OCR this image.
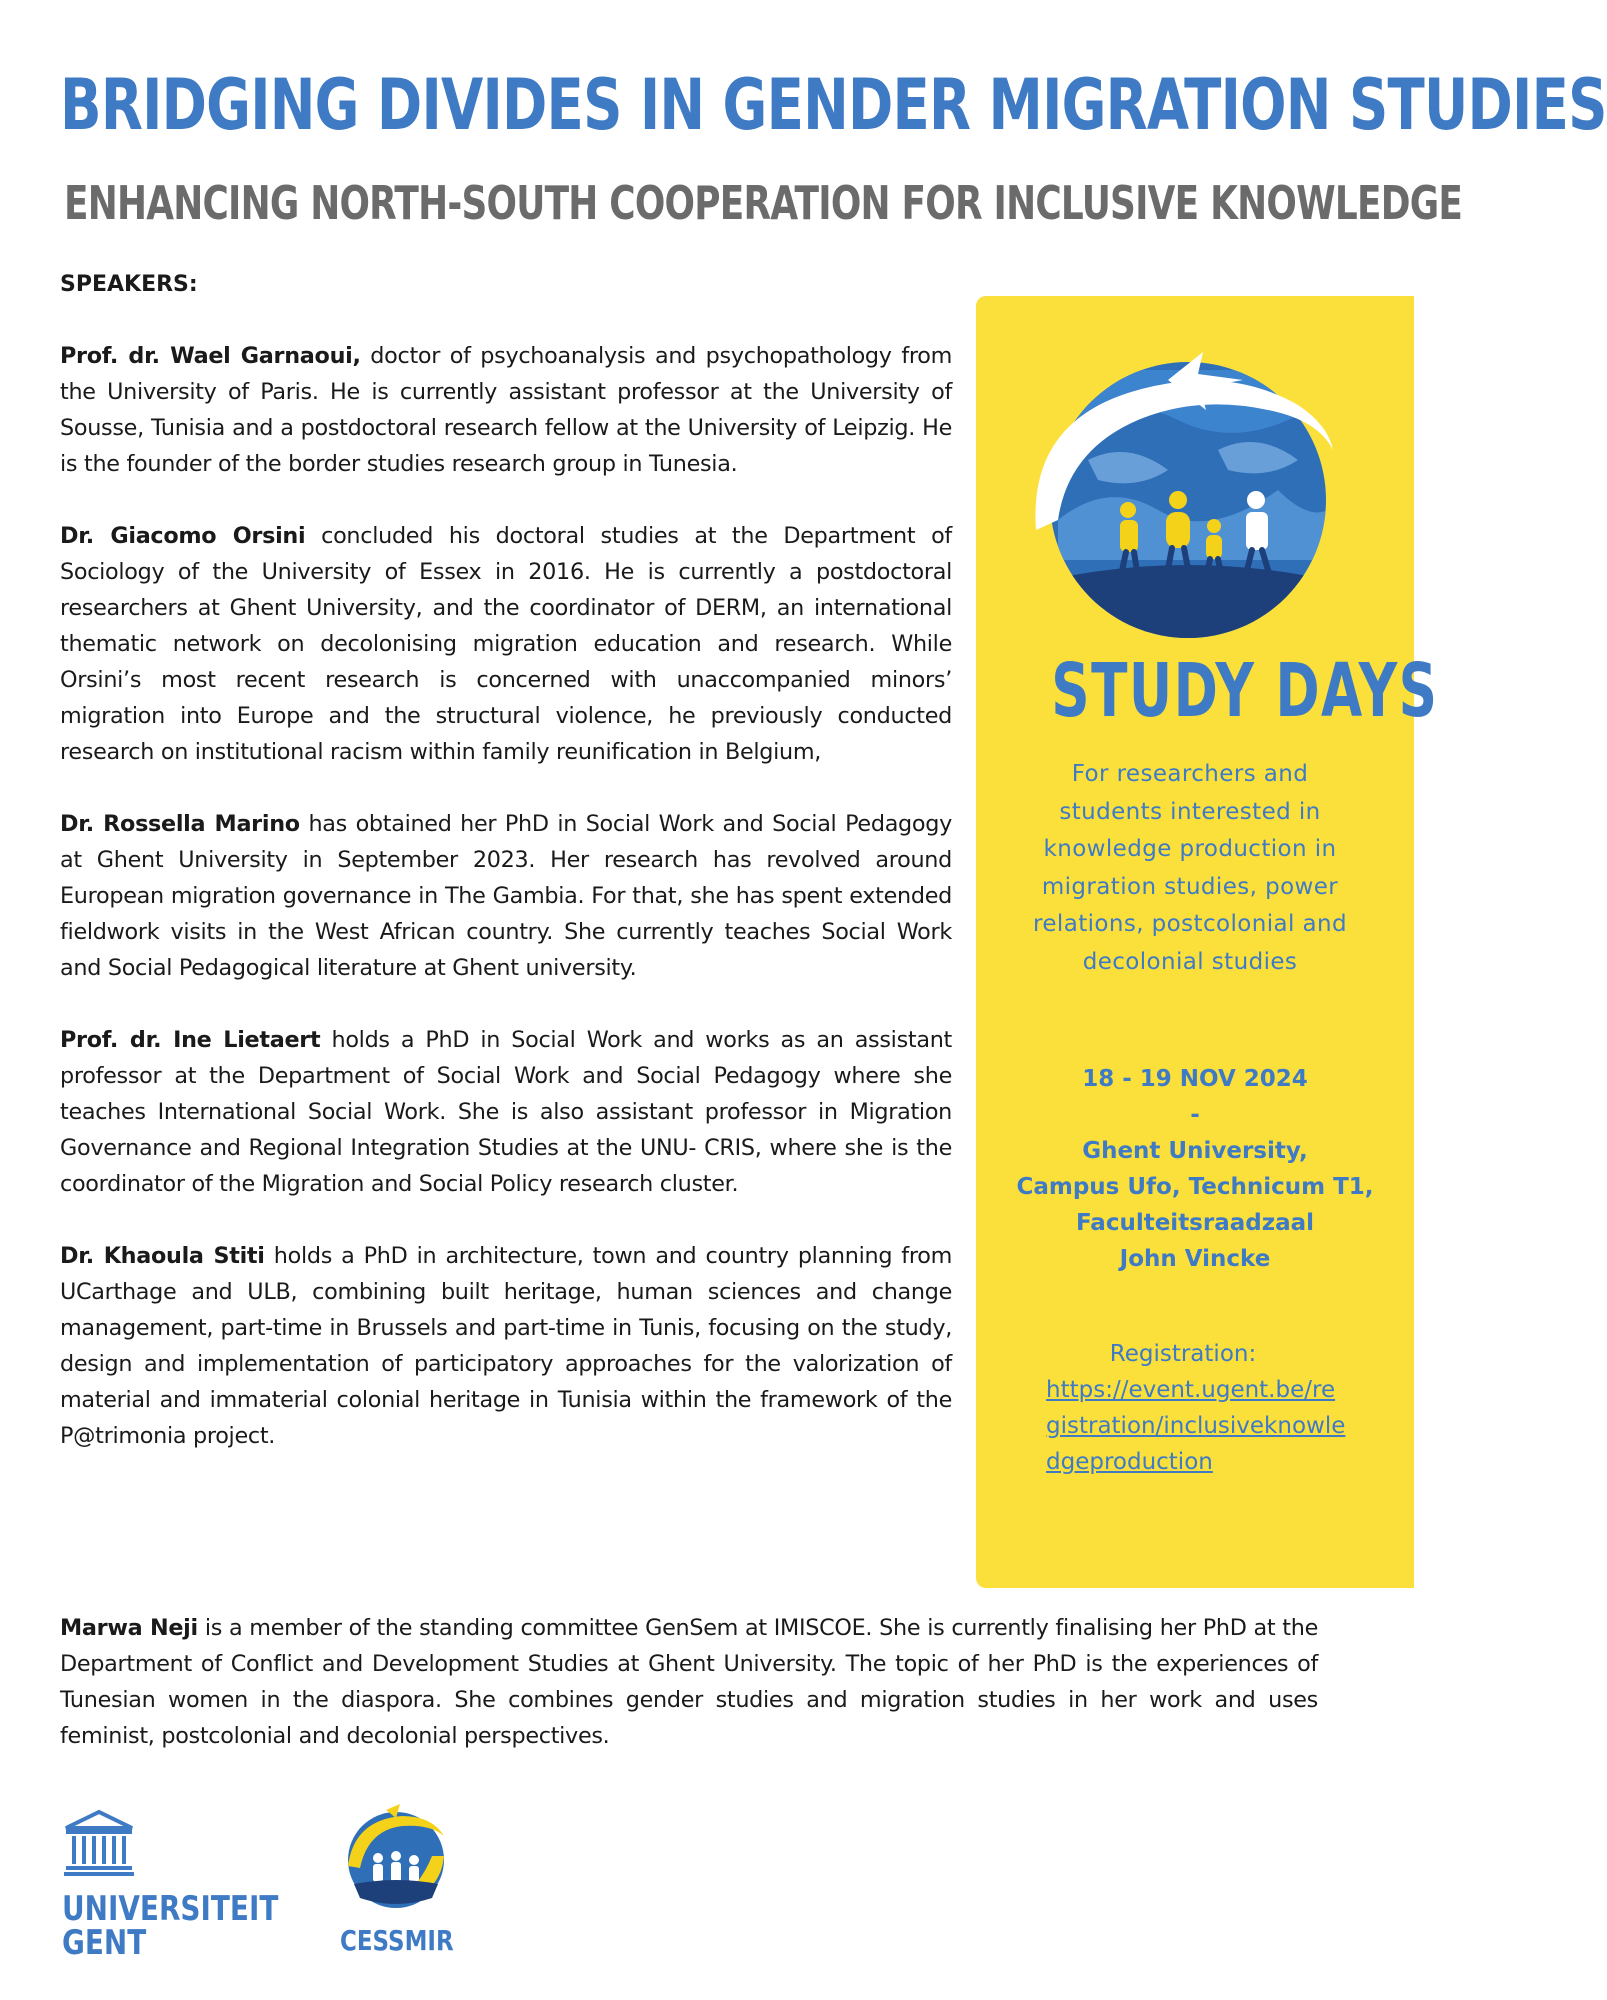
BRIDGING DIVIDES IN GENDER MIGRATION STUDIES
ENHANCING NORTH-SOUTH COOPERATION FOR INCLUSIVE KNOWLEDGE
SPEAKERS:

Prof. dr. Wael Garnaoui, doctor of psychoanalysis and psychopathology from the University of Paris. He is currently assistant professor at the University of Sousse, Tunisia and a postdoctoral research fellow at the University of Leipzig. He is the founder of the border studies research group in Tunesia.

Dr. Giacomo Orsini concluded his doctoral studies at the Department of Sociology of the University of Essex in 2016. He is currently a postdoctoral researchers at Ghent University, and the coordinator of DERM, an international thematic network on decolonising migration education and research. While Orsini’s most recent research is concerned with unaccompanied minors’ migration into Europe and the structural violence, he previously conducted research on institutional racism within family reunification in Belgium,

Dr. Rossella Marino has obtained her PhD in Social Work and Social Pedagogy at Ghent University in September 2023. Her research has revolved around European migration governance in The Gambia. For that, she has spent extended fieldwork visits in the West African country. She currently teaches Social Work and Social Pedagogical literature at Ghent university.

Prof. dr. Ine Lietaert holds a PhD in Social Work and works as an assistant professor at the Department of Social Work and Social Pedagogy where she teaches International Social Work. She is also assistant professor in Migration Governance and Regional Integration Studies at the UNU- CRIS, where she is the coordinator of the Migration and Social Policy research cluster.

Dr. Khaoula Stiti holds a PhD in architecture, town and country planning from UCarthage and ULB, combining built heritage, human sciences and change management, part-time in Brussels and part-time in Tunis, focusing on the study, design and implementation of participatory approaches for the valorization of material and immaterial colonial heritage in Tunisia within the framework of the P@trimonia project.

Marwa Neji is a member of the standing committee GenSem at IMISCOE. She is currently finalising her PhD at the Department of Conflict and Development Studies at Ghent University. The topic of her PhD is the experiences of Tunesian women in the diaspora. She combines gender studies and migration studies in her work and uses feminist, postcolonial and decolonial perspectives.

STUDY DAYS
For researchers and students interested in knowledge production in migration studies, power relations, postcolonial and decolonial studies
18 - 19 NOV 2024
-
Ghent University,
Campus Ufo, Technicum T1,
Faculteitsraadzaal
John Vincke
Registration:
https://event.ugent.be/registration/inclusiveknowledgeproduction
UNIVERSITEIT
GENT	CESSMIR
